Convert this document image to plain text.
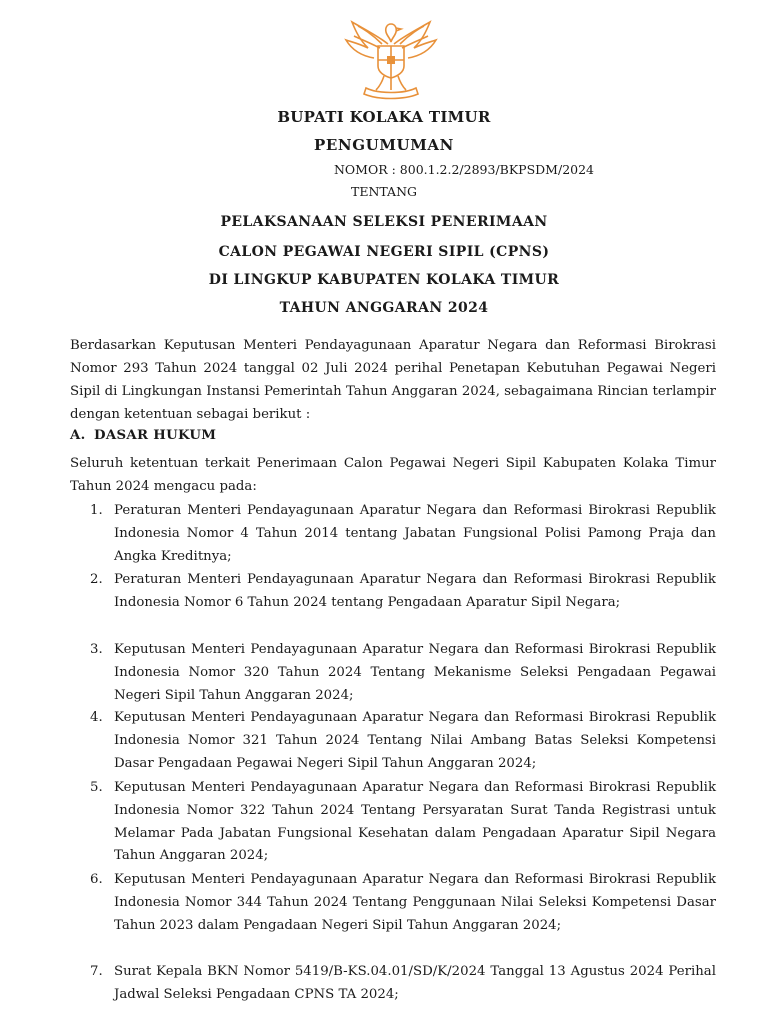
BUPATI KOLAKA TIMUR
PENGUMUMAN
NOMOR : 800.1.2.2/2893/BKPSDM/2024
TENTANG
PELAKSANAAN SELEKSI PENERIMAAN
CALON PEGAWAI NEGERI SIPIL (CPNS)
DI LINGKUP KABUPATEN KOLAKA TIMUR
TAHUN ANGGARAN 2024

Berdasarkan Keputusan Menteri Pendayagunaan Aparatur Negara dan Reformasi Birokrasi Nomor 293 Tahun 2024 tanggal 02 Juli 2024 perihal Penetapan Kebutuhan Pegawai Negeri Sipil di Lingkungan Instansi Pemerintah Tahun Anggaran 2024, sebagaimana Rincian terlampir dengan ketentuan sebagai berikut :

A. DASAR HUKUM

Seluruh ketentuan terkait Penerimaan Calon Pegawai Negeri Sipil Kabupaten Kolaka Timur Tahun 2024 mengacu pada:

1. Peraturan Menteri Pendayagunaan Aparatur Negara dan Reformasi Birokrasi Republik Indonesia Nomor 4 Tahun 2014 tentang Jabatan Fungsional Polisi Pamong Praja dan Angka Kreditnya;
2. Peraturan Menteri Pendayagunaan Aparatur Negara dan Reformasi Birokrasi Republik Indonesia Nomor 6 Tahun 2024 tentang Pengadaan Aparatur Sipil Negara;
3. Keputusan Menteri Pendayagunaan Aparatur Negara dan Reformasi Birokrasi Republik Indonesia Nomor 320 Tahun 2024 Tentang Mekanisme Seleksi Pengadaan Pegawai Negeri Sipil Tahun Anggaran 2024;
4. Keputusan Menteri Pendayagunaan Aparatur Negara dan Reformasi Birokrasi Republik Indonesia Nomor 321 Tahun 2024 Tentang Nilai Ambang Batas Seleksi Kompetensi Dasar Pengadaan Pegawai Negeri Sipil Tahun Anggaran 2024;
5. Keputusan Menteri Pendayagunaan Aparatur Negara dan Reformasi Birokrasi Republik Indonesia Nomor 322 Tahun 2024 Tentang Persyaratan Surat Tanda Registrasi untuk Melamar Pada Jabatan Fungsional Kesehatan dalam Pengadaan Aparatur Sipil Negara Tahun Anggaran 2024;
6. Keputusan Menteri Pendayagunaan Aparatur Negara dan Reformasi Birokrasi Republik Indonesia Nomor 344 Tahun 2024 Tentang Penggunaan Nilai Seleksi Kompetensi Dasar Tahun 2023 dalam Pengadaan Negeri Sipil Tahun Anggaran 2024;
7. Surat Kepala BKN Nomor 5419/B-KS.04.01/SD/K/2024 Tanggal 13 Agustus 2024 Perihal Jadwal Seleksi Pengadaan CPNS TA 2024;
